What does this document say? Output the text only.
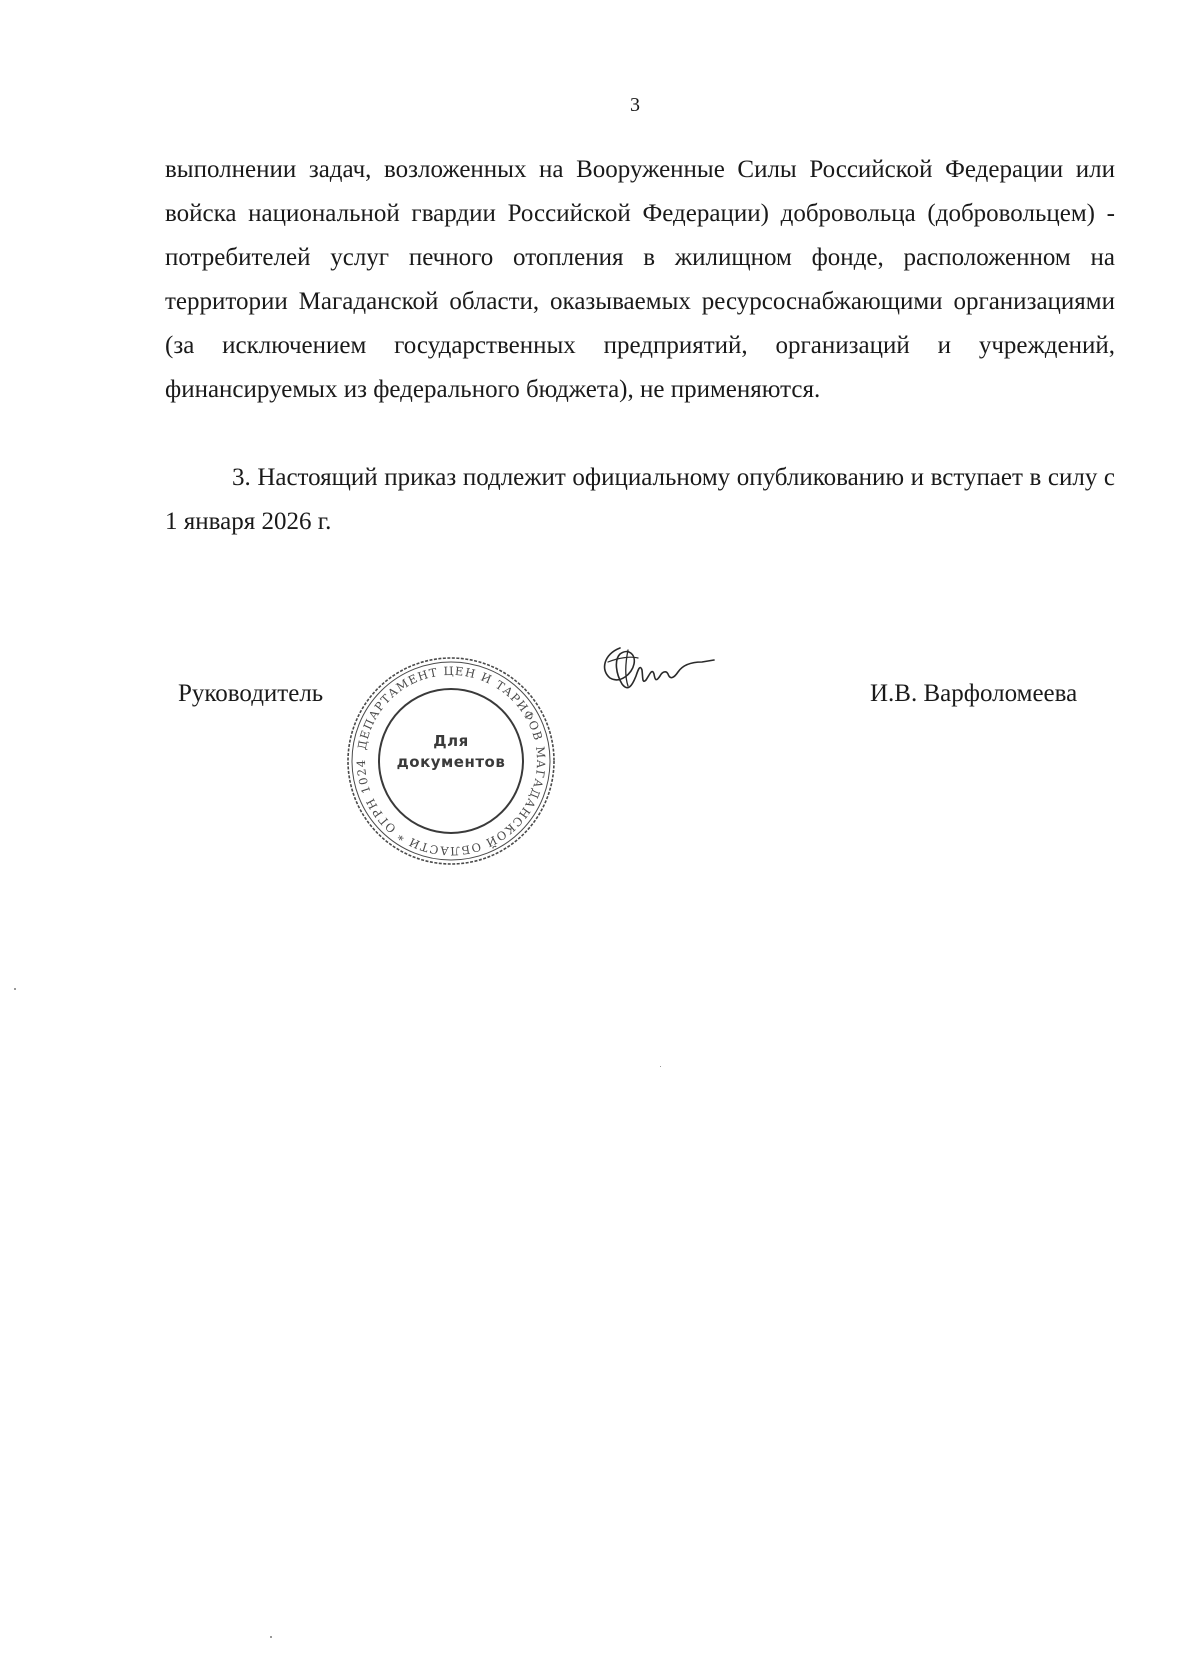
3

выполнении задач, возложенных на Вооруженные Силы Российской Федерации или войска национальной гвардии Российской Федерации) добровольца (добровольцем) - потребителей услуг печного отопления в жилищном фонде, расположенном на территории Магаданской области, оказываемых ресурсоснабжающими организациями (за исключением государственных предприятий, организаций и учреждений, финансируемых из федерального бюджета), не применяются.

3. Настоящий приказ подлежит официальному опубликованию и вступает в силу с 1 января 2026 г.

Руководитель
ДЕПАРТАМЕНТ ЦЕН И ТАРИФОВ МАГАДАНСКОЙ ОБЛАСТИ * ОГРН 1024
Для
документов
И.В. Варфоломеева
